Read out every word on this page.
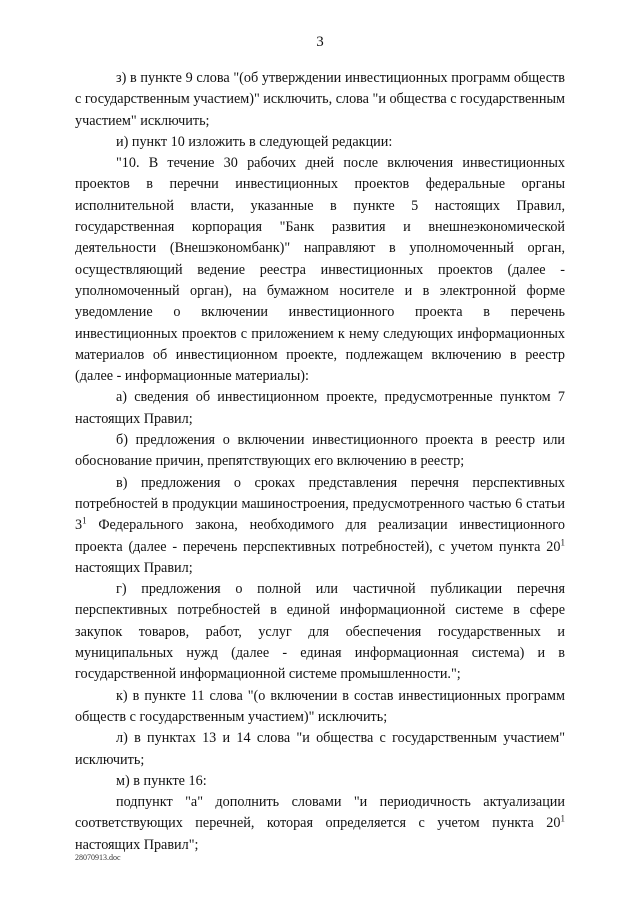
3

з) в пункте 9 слова "(об утверждении инвестиционных программ обществ с государственным участием)" исключить, слова "и общества с государственным участием" исключить;

и) пункт 10 изложить в следующей редакции:

"10. В течение 30 рабочих дней после включения инвестиционных проектов в перечни инвестиционных проектов федеральные органы исполнительной власти, указанные в пункте 5 настоящих Правил, государственная корпорация "Банк развития и внешнеэкономической деятельности (Внешэкономбанк)" направляют в уполномоченный орган, осуществляющий ведение реестра инвестиционных проектов (далее - уполномоченный орган), на бумажном носителе и в электронной форме уведомление о включении инвестиционного проекта в перечень инвестиционных проектов с приложением к нему следующих информационных материалов об инвестиционном проекте, подлежащем включению в реестр (далее - информационные материалы):

а) сведения об инвестиционном проекте, предусмотренные пунктом 7 настоящих Правил;

б) предложения о включении инвестиционного проекта в реестр или обоснование причин, препятствующих его включению в реестр;

в) предложения о сроках представления перечня перспективных потребностей в продукции машиностроения, предусмотренного частью 6 статьи $3^1$ Федерального закона, необходимого для реализации инвестиционного проекта (далее - перечень перспективных потребностей), с учетом пункта $20^1$ настоящих Правил;

г) предложения о полной или частичной публикации перечня перспективных потребностей в единой информационной системе в сфере закупок товаров, работ, услуг для обеспечения государственных и муниципальных нужд (далее - единая информационная система) и в государственной информационной системе промышленности.";

к) в пункте 11 слова "(о включении в состав инвестиционных программ обществ с государственным участием)" исключить;

л) в пунктах 13 и 14 слова "и общества с государственным участием" исключить;

м) в пункте 16:

подпункт "а" дополнить словами "и периодичность актуализации соответствующих перечней, которая определяется с учетом пункта $20^1$ настоящих Правил";

28070913.doc
